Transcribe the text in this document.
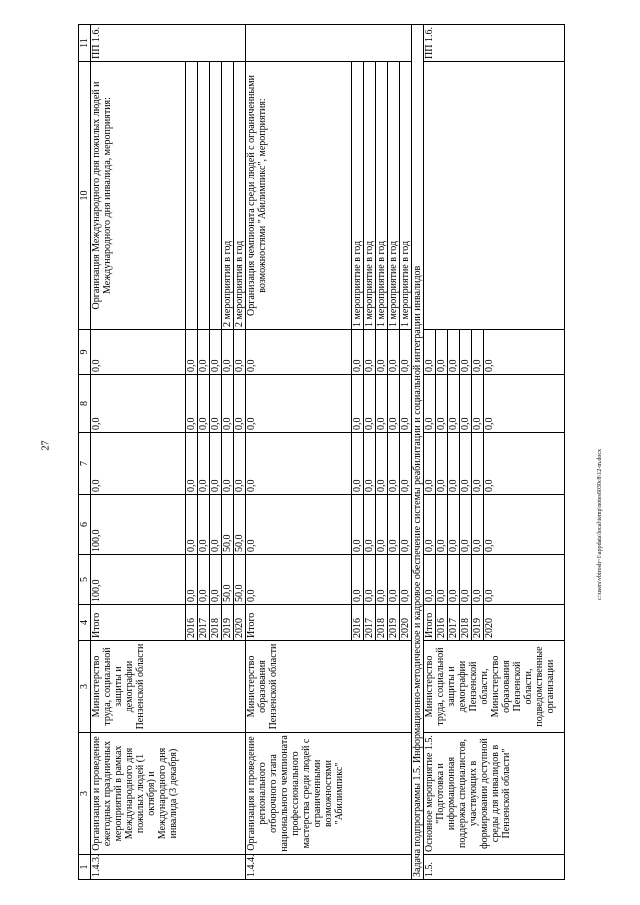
27
1	3	3	4	5	6	7	8	9	10	11
1.4.3.	Организация и проведение ежегодных праздничных мероприятий в рамках Международного дня пожилых людей (1 октября) и Международного дня инвалида (3 декабря)	Министерство труда, социальной защиты и демографии Пензенской области	Итого	100,0	100,0	0,0	0,0	0,0	Организация Международного дня пожилых людей и Международного дня инвалида, мероприятия:	ПП 1.6.
			2016	0,0	0,0	0,0	0,0	0,0		
			2017	0,0	0,0	0,0	0,0	0,0		
			2018	0,0	0,0	0,0	0,0	0,0		
			2019	50,0	50,0	0,0	0,0	0,0	2 мероприятия в год	
			2020	50,0	50,0	0,0	0,0	0,0	2 мероприятия в год	
1.4.4.	Организация и проведение регионального отборочного этапа национального чемпионата профессионального мастерства среди людей с ограниченными возможностями "Абилимпикс"	Министерство образования Пензенской области	Итого	0,0	0,0	0,0	0,0	0,0	Организация чемпионата среди людей с ограниченными возможностями "Абилимпикс", мероприятия:	
			2016	0,0	0,0	0,0	0,0	0,0	1 мероприятие в год	
			2017	0,0	0,0	0,0	0,0	0,0	1 мероприятие в год	
			2018	0,0	0,0	0,0	0,0	0,0	1 мероприятие в год	
			2019	0,0	0,0	0,0	0,0	0,0	1 мероприятие в год	
			2020	0,0	0,0	0,0	0,0	0,0	1 мероприятие в год	
Задача подпрограммы 1.5. Информационно-методическое и кадровое обеспечение системы реабилитации и социальной интеграции инвалидов										
1.5.	Основное мероприятие 1.5. "Подготовка и информационная поддержка специалистов, участвующих в формировании доступной среды для инвалидов в Пензенской области"	Министерство труда, социальной защиты и демографии Пензенской области, Министерство образования Пензенской области, подведомственные организации	Итого	0,0	0,0	0,0	0,0	0,0		ПП 1.6.
			2016	0,0	0,0	0,0	0,0	0,0		
			2017	0,0	0,0	0,0	0,0	0,0		
			2018	0,0	0,0	0,0	0,0	0,0		
			2019	0,0	0,0	0,0	0,0	0,0		
			2020	0,0	0,0	0,0	0,0	0,0		
c:\users\vbirosh~1\appdata\local\temp\notes6030c8\12-m.docx
